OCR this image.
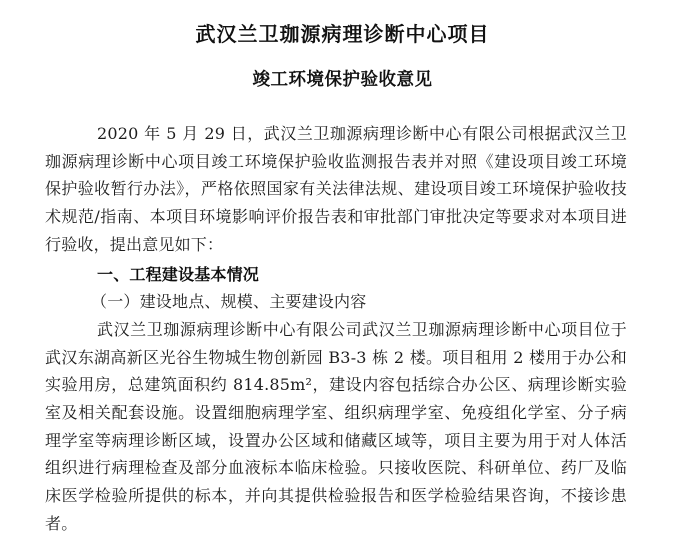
武汉兰卫珈源病理诊断中心项目
竣工环境保护验收意见

2020 年 5 月 29 日，武汉兰卫珈源病理诊断中心有限公司根据武汉兰卫珈源病理诊断中心项目竣工环境保护验收监测报告表并对照《建设项目竣工环境保护验收暂行办法》，严格依照国家有关法律法规、建设项目竣工环境保护验收技术规范/指南、本项目环境影响评价报告表和审批部门审批决定等要求对本项目进行验收，提出意见如下：

一、工程建设基本情况

（一）建设地点、规模、主要建设内容

武汉兰卫珈源病理诊断中心有限公司武汉兰卫珈源病理诊断中心项目位于武汉东湖高新区光谷生物城生物创新园 B3-3 栋 2 楼。项目租用 2 楼用于办公和实验用房，总建筑面积约 814.85m²，建设内容包括综合办公区、病理诊断实验室及相关配套设施。设置细胞病理学室、组织病理学室、免疫组化学室、分子病理学室等病理诊断区域，设置办公区域和储藏区域等，项目主要为用于对人体活组织进行病理检查及部分血液标本临床检验。只接收医院、科研单位、药厂及临床医学检验所提供的标本，并向其提供检验报告和医学检验结果咨询，不接诊患者。
